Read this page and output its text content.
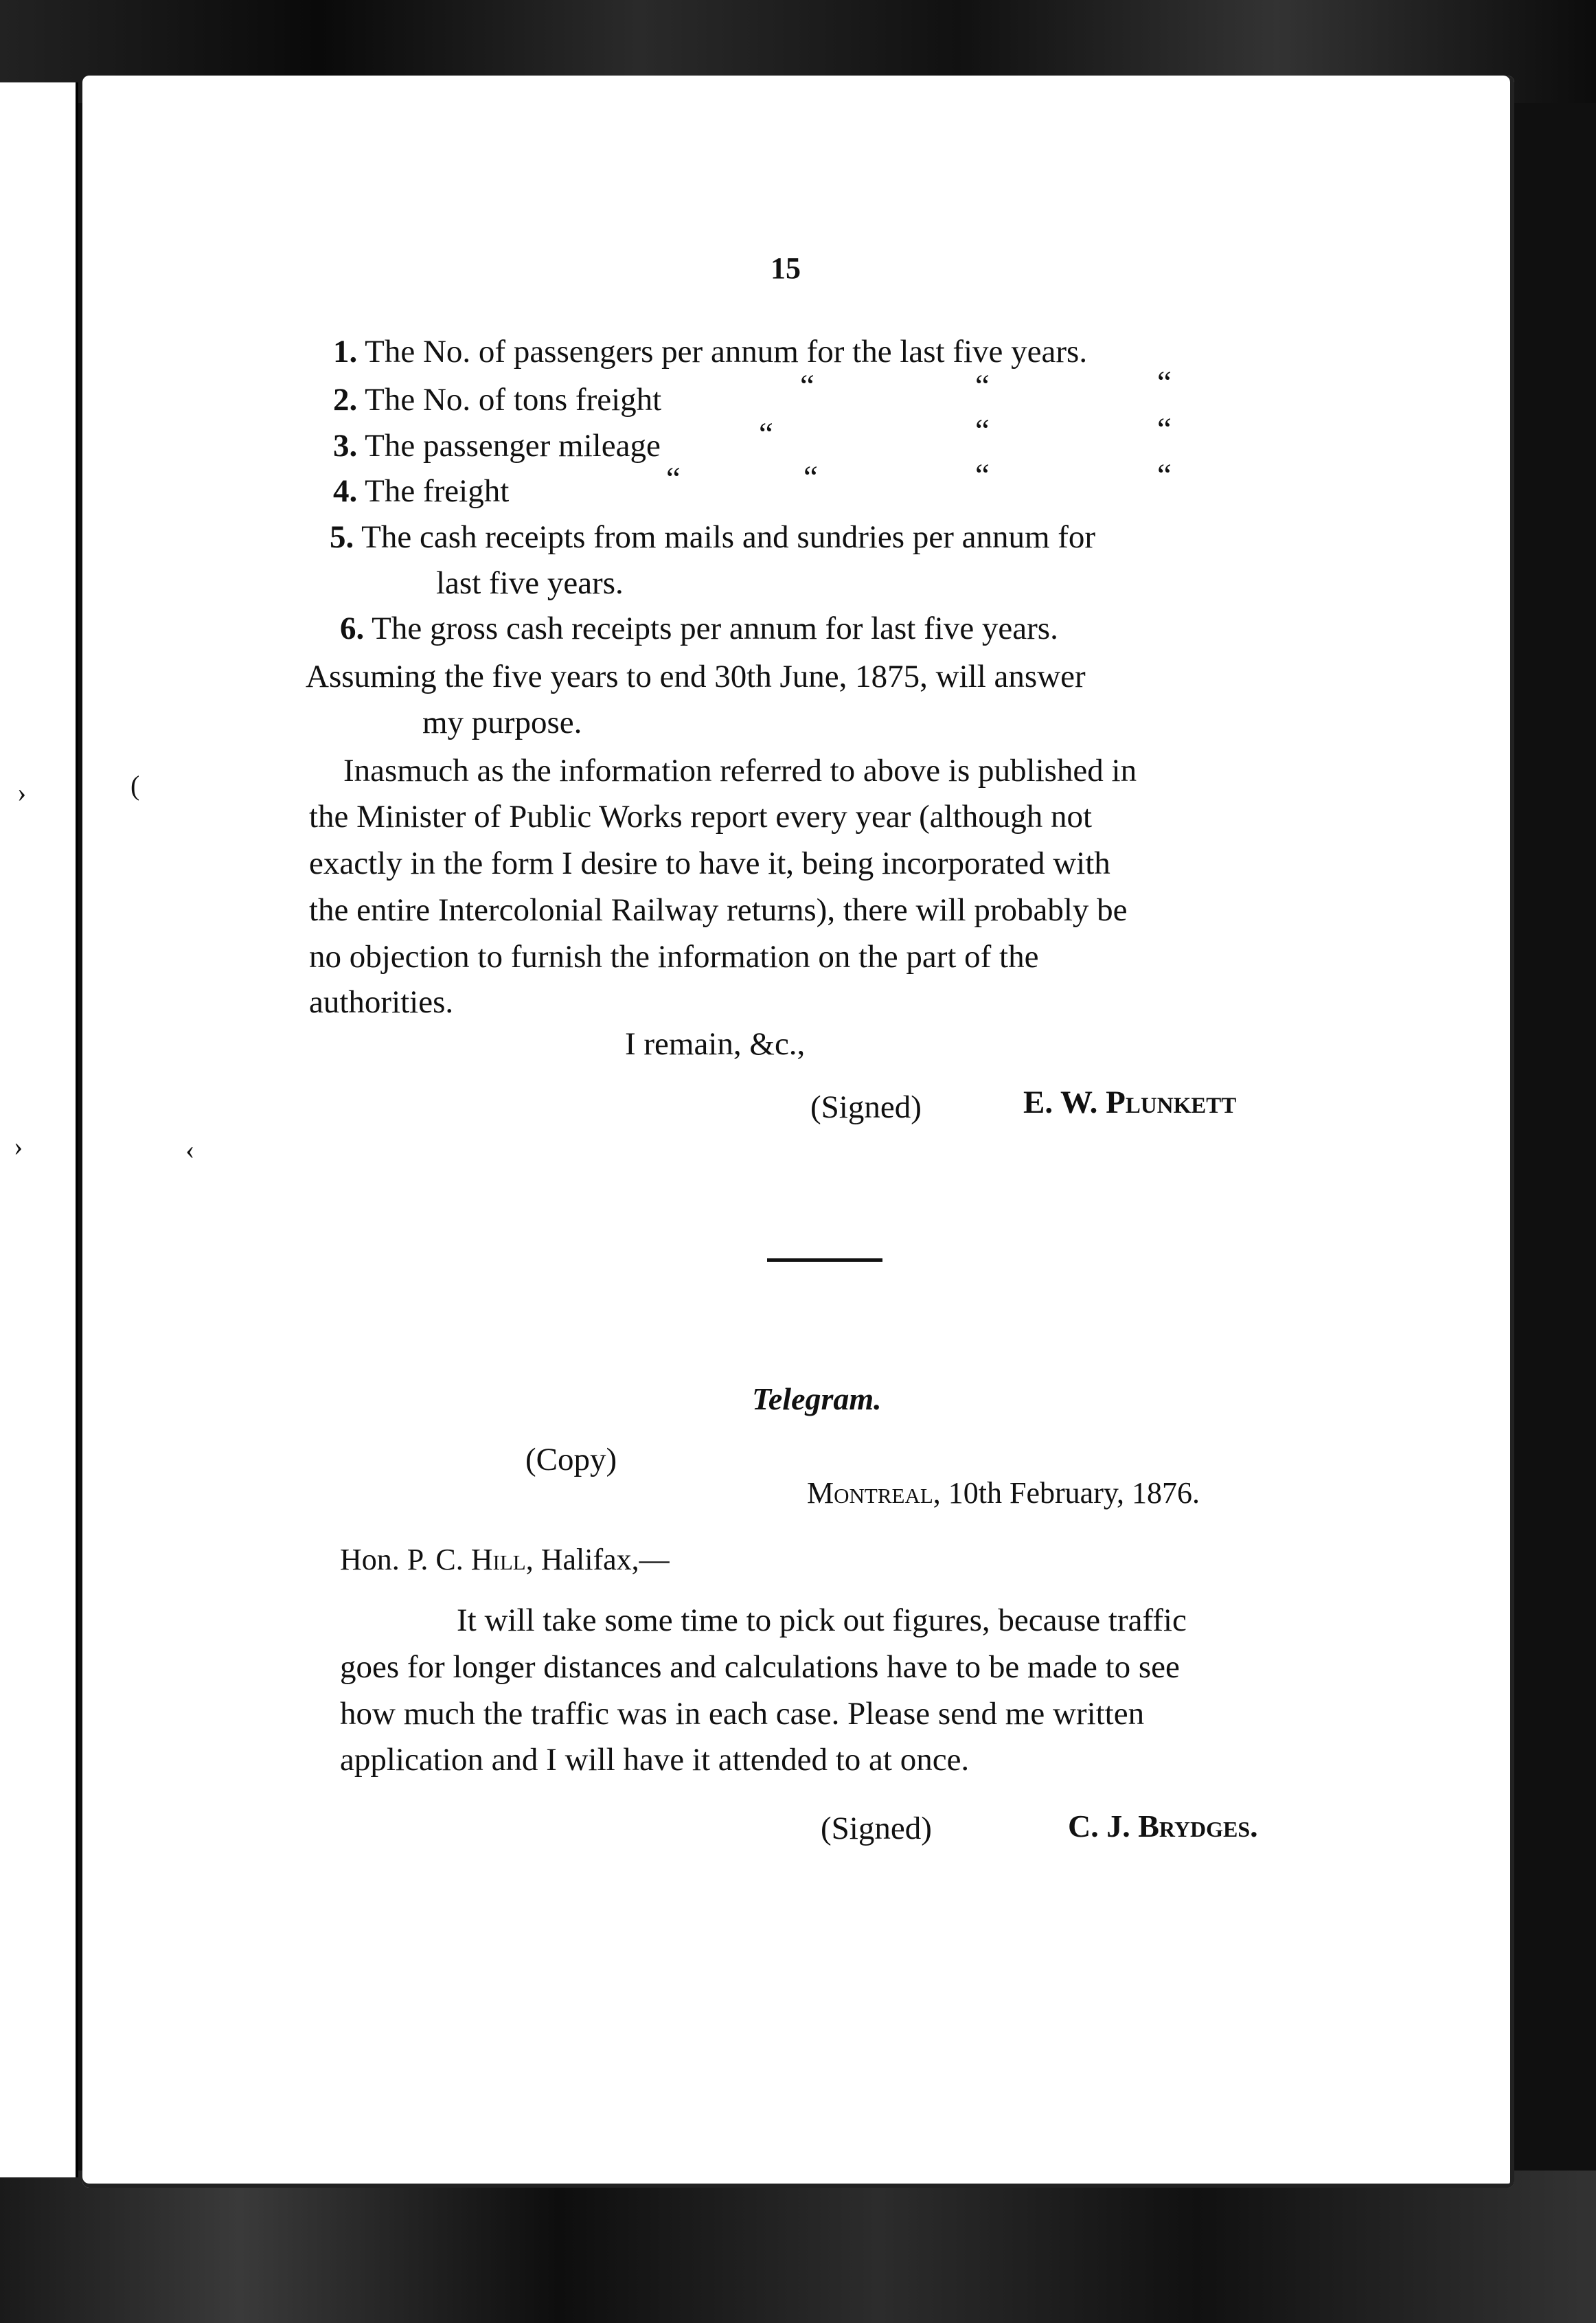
15
1. The No. of passengers per annum for the last five years.
2. The No. of tons freight	“	“	“
3. The passenger mileage	“	“	“
4. The freight	“	“	“	“
5. The cash receipts from mails and sundries per annum for
last five years.
6. The gross cash receipts per annum for last five years.
Assuming the five years to end 30th June, 1875, will answer
my purpose.
Inasmuch as the information referred to above is published in
the Minister of Public Works report every year (although not
exactly in the form I desire to have it, being incorporated with
the entire Intercolonial Railway returns), there will probably be
no objection to furnish the information on the part of the
authorities.
I remain, &c.,
(Signed)	E. W. Plunkett
Telegram.
(Copy)
Montreal, 10th February, 1876.
Hon. P. C. Hill, Halifax,—
It will take some time to pick out figures, because traffic
goes for longer distances and calculations have to be made to see
how much the traffic was in each case. Please send me written
application and I will have it attended to at once.
(Signed)	C. J. Brydges.
›	(
›	‹
